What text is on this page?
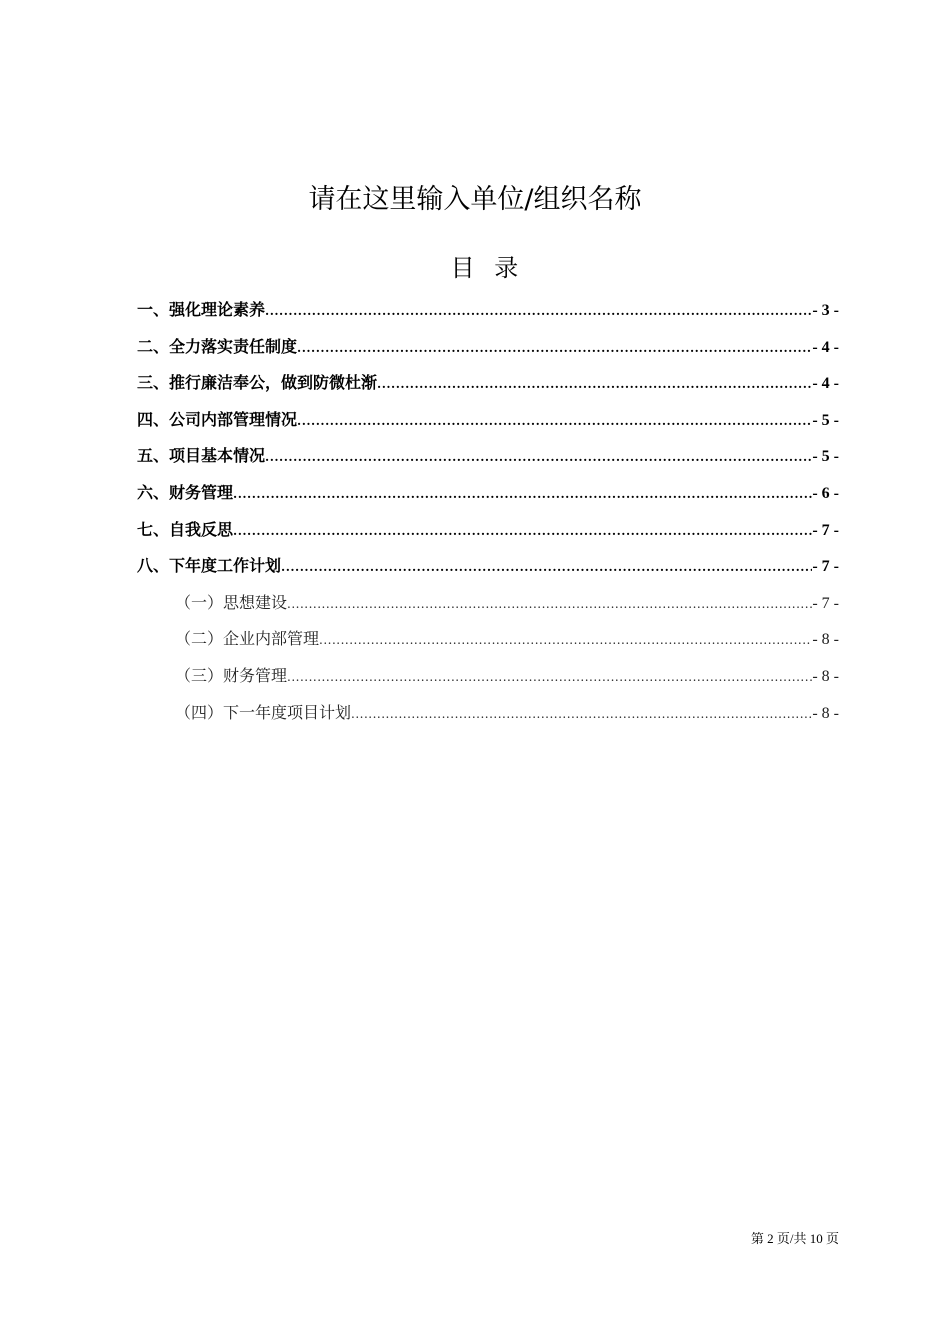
请在这里输入单位/组织名称
目 录
一、强化理论素养 .....	- 3 -
二、全力落实责任制度 .....	- 4 -
三、推行廉洁奉公，做到防微杜渐 .....	- 4 -
四、公司内部管理情况 .....	- 5 -
五、项目基本情况 .....	- 5 -
六、财务管理 .....	- 6 -
七、自我反思 .....	- 7 -
八、下年度工作计划 .....	- 7 -
（一）思想建设 .....	- 7 -
（二）企业内部管理 .....	- 8 -
（三）财务管理 .....	- 8 -
（四）下一年度项目计划 .....	- 8 -
第 2 页/共 10 页
